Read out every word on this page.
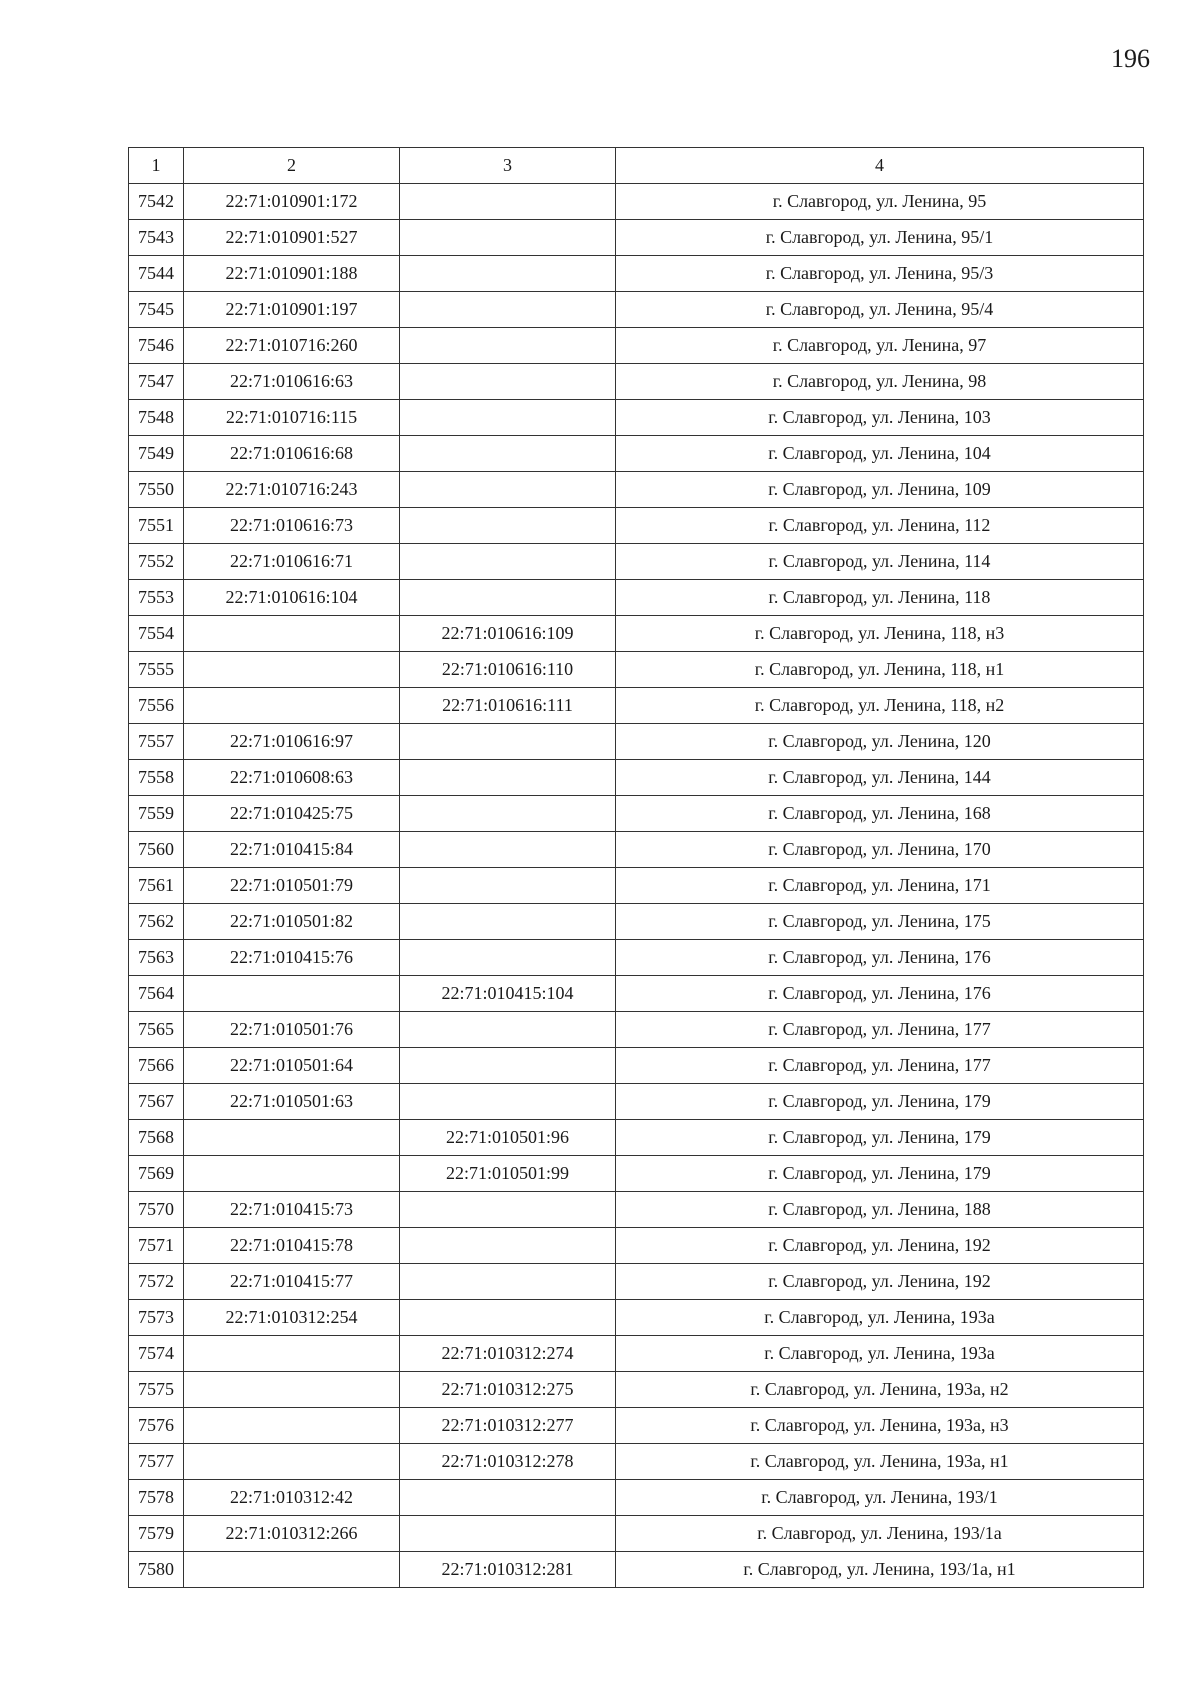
196
1	2	3	4
7542	22:71:010901:172		г. Славгород, ул. Ленина, 95
7543	22:71:010901:527		г. Славгород, ул. Ленина, 95/1
7544	22:71:010901:188		г. Славгород, ул. Ленина, 95/3
7545	22:71:010901:197		г. Славгород, ул. Ленина, 95/4
7546	22:71:010716:260		г. Славгород, ул. Ленина, 97
7547	22:71:010616:63		г. Славгород, ул. Ленина, 98
7548	22:71:010716:115		г. Славгород, ул. Ленина, 103
7549	22:71:010616:68		г. Славгород, ул. Ленина, 104
7550	22:71:010716:243		г. Славгород, ул. Ленина, 109
7551	22:71:010616:73		г. Славгород, ул. Ленина, 112
7552	22:71:010616:71		г. Славгород, ул. Ленина, 114
7553	22:71:010616:104		г. Славгород, ул. Ленина, 118
7554		22:71:010616:109	г. Славгород, ул. Ленина, 118, н3
7555		22:71:010616:110	г. Славгород, ул. Ленина, 118, н1
7556		22:71:010616:111	г. Славгород, ул. Ленина, 118, н2
7557	22:71:010616:97		г. Славгород, ул. Ленина, 120
7558	22:71:010608:63		г. Славгород, ул. Ленина, 144
7559	22:71:010425:75		г. Славгород, ул. Ленина, 168
7560	22:71:010415:84		г. Славгород, ул. Ленина, 170
7561	22:71:010501:79		г. Славгород, ул. Ленина, 171
7562	22:71:010501:82		г. Славгород, ул. Ленина, 175
7563	22:71:010415:76		г. Славгород, ул. Ленина, 176
7564		22:71:010415:104	г. Славгород, ул. Ленина, 176
7565	22:71:010501:76		г. Славгород, ул. Ленина, 177
7566	22:71:010501:64		г. Славгород, ул. Ленина, 177
7567	22:71:010501:63		г. Славгород, ул. Ленина, 179
7568		22:71:010501:96	г. Славгород, ул. Ленина, 179
7569		22:71:010501:99	г. Славгород, ул. Ленина, 179
7570	22:71:010415:73		г. Славгород, ул. Ленина, 188
7571	22:71:010415:78		г. Славгород, ул. Ленина, 192
7572	22:71:010415:77		г. Славгород, ул. Ленина, 192
7573	22:71:010312:254		г. Славгород, ул. Ленина, 193а
7574		22:71:010312:274	г. Славгород, ул. Ленина, 193а
7575		22:71:010312:275	г. Славгород, ул. Ленина, 193а, н2
7576		22:71:010312:277	г. Славгород, ул. Ленина, 193а, н3
7577		22:71:010312:278	г. Славгород, ул. Ленина, 193а, н1
7578	22:71:010312:42		г. Славгород, ул. Ленина, 193/1
7579	22:71:010312:266		г. Славгород, ул. Ленина, 193/1а
7580		22:71:010312:281	г. Славгород, ул. Ленина, 193/1а, н1
